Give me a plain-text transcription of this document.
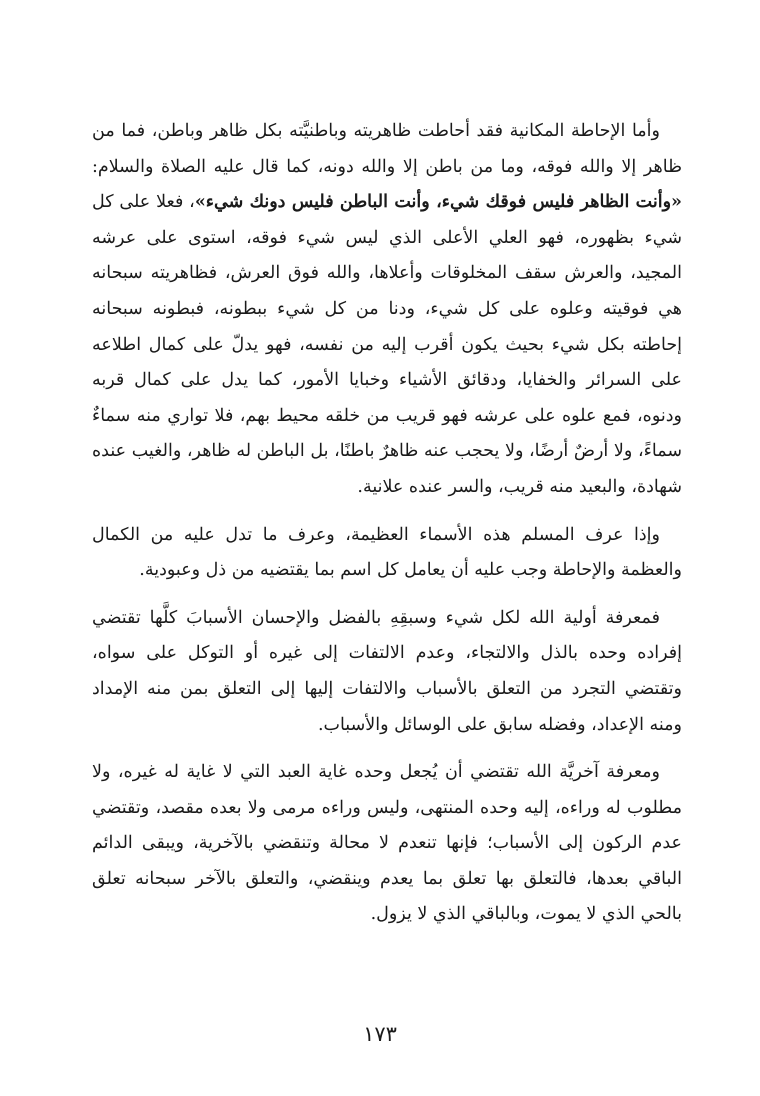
وأما الإحاطة المكانية فقد أحاطت ظاهريته وباطنيَّته بكل ظاهر وباطن، فما من ظاهر إلا والله فوقه، وما من باطن إلا والله دونه، كما قال عليه الصلاة والسلام: «وأنت الظاهر فليس فوقك شيء، وأنت الباطن فليس دونك شيء»، فعلا على كل شيء بظهوره، فهو العلي الأعلى الذي ليس شيء فوقه، استوى على عرشه المجيد، والعرش سقف المخلوقات وأعلاها، والله فوق العرش، فظاهريته سبحانه هي فوقيته وعلوه على كل شيء، ودنا من كل شيء ببطونه، فبطونه سبحانه إحاطته بكل شيء بحيث يكون أقرب إليه من نفسه، فهو يدلّ على كمال اطلاعه على السرائر والخفايا، ودقائق الأشياء وخبايا الأمور، كما يدل على كمال قربه ودنوه، فمع علوه على عرشه فهو قريب من خلقه محيط بهم، فلا تواري منه سماءٌ سماءً، ولا أرضٌ أرضًا، ولا يحجب عنه ظاهرٌ باطنًا، بل الباطن له ظاهر، والغيب عنده شهادة، والبعيد منه قريب، والسر عنده علانية.

وإذا عرف المسلم هذه الأسماء العظيمة، وعرف ما تدل عليه من الكمال والعظمة والإحاطة وجب عليه أن يعامل كل اسم بما يقتضيه من ذل وعبودية.

فمعرفة أولية الله لكل شيء وسبقِهِ بالفضل والإحسان الأسبابَ كلَّها تقتضي إفراده وحده بالذل والالتجاء، وعدم الالتفات إلى غيره أو التوكل على سواه، وتقتضي التجرد من التعلق بالأسباب والالتفات إليها إلى التعلق بمن منه الإمداد ومنه الإعداد، وفضله سابق على الوسائل والأسباب.

ومعرفة آخريَّة الله تقتضي أن يُجعل وحده غاية العبد التي لا غاية له غيره، ولا مطلوب له وراءه، إليه وحده المنتهى، وليس وراءه مرمى ولا بعده مقصد، وتقتضي عدم الركون إلى الأسباب؛ فإنها تنعدم لا محالة وتنقضي بالآخرية، ويبقى الدائم الباقي بعدها، فالتعلق بها تعلق بما يعدم وينقضي، والتعلق بالآخر سبحانه تعلق بالحي الذي لا يموت، وبالباقي الذي لا يزول.

١٧٣
